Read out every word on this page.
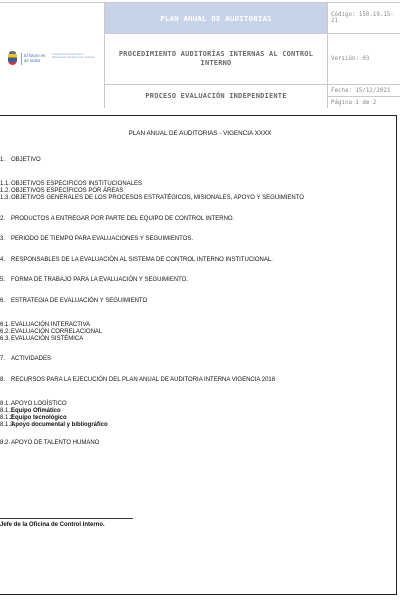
El futuro es de todos
Unidad para la Atención y Reparación Integral a las Víctimas
PLAN ANUAL DE AUDITORIAS
PROCEDIMIENTO AUDITORÍAS INTERNAS AL CONTROL INTERNO
PROCESO EVALUACIÓN INDEPENDIENTE
Código: 150.19.15-21
Versión: 03
Fecha: 15/12/2021
Página 1 de 2
PLAN ANUAL DE AUDITORIAS - VIGENCIA XXXX
1. OBJETIVO
1.1. OBJETIVOS ESPECIFICOS INSTITUCIONALES
1.2. OBJETIVOS ESPECÍFICOS POR ÁREAS
1.3. OBJETIVOS GENERALES DE LOS PROCESOS ESTRATÉGICOS, MISIONALES, APOYO Y SEGUIMIENTO
2. PRODUCTOS A ENTREGAR POR PARTE DEL EQUIPO DE CONTROL INTERNO.
3. PERIODO DE TIEMPO PARA EVALUACIONES Y SEGUIMIENTOS.
4. RESPONSABLES DE LA EVALUACIÓN AL SISTEMA DE CONTROL INTERNO INSTITUCIONAL.
5. FORMA DE TRABAJO PARA LA EVALUACIÓN Y SEGUIMIENTO.
6. ESTRATEGIA DE EVALUACIÓN Y SEGUIMIENTO
6.1. EVALUACIÓN INTERACTIVA
6.2. EVALUACIÓN CORRELACIONAL
6.3. EVALUACIÓN SISTÉMICA
7. ACTIVIDADES
8. RECURSOS PARA LA EJECUCIÓN DEL PLAN ANUAL DE AUDITORIA INTERNA VIGENCIA 2018
8.1. APOYO LOGÍSTICO
8.1.1.
Equipo Ofimático
8.1.2.
Equipo tecnológico
8.1.3.
Apoyo documental y bibliográfico
8.2. APOYO DE TALENTO HUMANO
Jefe de la Oficina de Control Interno.
